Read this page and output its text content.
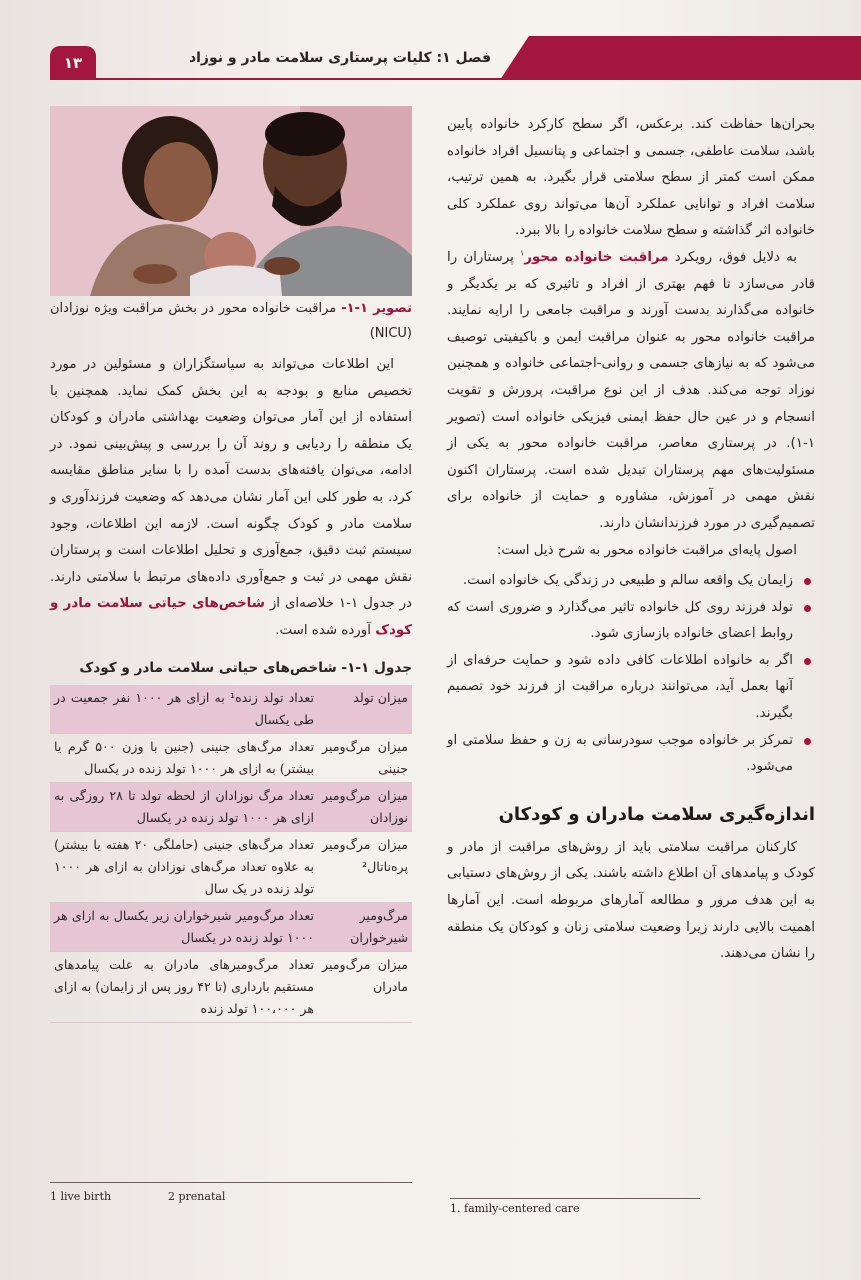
فصل ۱: کلیات پرستاری سلامت مادر و نوزاد
۱۳

بحران‌ها حفاظت کند. برعکس، اگر سطح کارکرد خانواده پایین باشد، سلامت عاطفی، جسمی و اجتماعی و پتانسیل افراد خانواده ممکن است کمتر از سطح سلامتی قرار بگیرد. به همین ترتیب، سلامت افراد و توانایی عملکرد آن‌ها می‌تواند روی عملکرد کلی خانواده اثر گذاشته و سطح سلامت خانواده را بالا ببرد.

به دلایل فوق، رویکرد مراقبت خانواده محور$^۱$ پرستاران را قادر می‌سازد تا فهم بهتری از افراد و تاثیری که بر یکدیگر و خانواده می‌گذارند بدست آورند و مراقبت جامعی را ارایه نمایند. مراقبت خانواده محور به عنوان مراقبت ایمن و باکیفیتی توصیف می‌شود که به نیازهای جسمی و روانی-اجتماعی خانواده و همچنین نوزاد توجه می‌کند. هدف از این نوع مراقبت، پرورش و تقویت انسجام و در عین حال حفظ ایمنی فیزیکی خانواده است (تصویر ۱-۱). در پرستاری معاصر، مراقبت خانواده محور به یکی از مسئولیت‌های مهم پرستاران تبدیل شده است. پرستاران اکنون نقش مهمی در آموزش، مشاوره و حمایت از خانواده برای تصمیم‌گیری در مورد فرزندانشان دارند.

اصول پایه‌ای مراقبت خانواده محور به شرح ذیل است:

زایمان یک واقعه سالم و طبیعی در زندگی یک خانواده است.
تولد فرزند روی کل خانواده تاثیر می‌گذارد و ضروری است که روابط اعضای خانواده بازسازی شود.
اگر به خانواده اطلاعات کافی داده شود و حمایت حرفه‌ای از آنها بعمل آید، می‌توانند درباره مراقبت از فرزند خود تصمیم بگیرند.
تمرکز بر خانواده موجب سودرسانی به زن و حفظ سلامتی او می‌شود.
اندازه‌گیری سلامت مادران و کودکان

کارکنان مراقبت سلامتی باید از روش‌های مراقبت از مادر و کودک و پیامدهای آن اطلاع داشته باشند. یکی از روش‌های دستیابی به این هدف مرور و مطالعه آمارهای مربوطه است. این آمارها اهمیت بالایی دارند زیرا وضعیت سلامتی زنان و کودکان یک منطقه را نشان می‌دهند.

تصویر ۱-۱- مراقبت خانواده محور در بخش مراقبت ویژه نوزادان (NICU)

این اطلاعات می‌تواند به سیاستگزاران و مسئولین در مورد تخصیص منابع و بودجه به این بخش کمک نماید. همچنین با استفاده از این آمار می‌توان وضعیت بهداشتی مادران و کودکان یک منطقه را ردیابی و روند آن را بررسی و پیش‌بینی نمود. در ادامه، می‌توان یافته‌های بدست آمده را با سایر مناطق مقایسه کرد. به طور کلی این آمار نشان می‌دهد که وضعیت فرزندآوری و سلامت مادر و کودک چگونه است. لازمه این اطلاعات، وجود سیستم ثبت دقیق، جمع‌آوری و تحلیل اطلاعات است و پرستاران نقش مهمی در ثبت و جمع‌آوری داده‌های مرتبط با سلامتی دارند. در جدول ۱-۱ خلاصه‌ای از شاخص‌های حیاتی سلامت مادر و کودک آورده شده است.

جدول ۱-۱- شاخص‌های حیاتی سلامت مادر و کودک
میزان تولد	تعداد تولد زنده¹ به ازای هر ۱۰۰۰ نفر جمعیت در طی یکسال
میزان مرگ‌ومیر جنینی	تعداد مرگ‌های جنینی (جنین با وزن ۵۰۰ گرم یا بیشتر) به ازای هر ۱۰۰۰ تولد زنده در یکسال
میزان مرگ‌ومیر نوزادان	تعداد مرگ نوزادان از لحظه تولد تا ۲۸ روزگی به ازای هر ۱۰۰۰ تولد زنده در یکسال
میزان مرگ‌ومیر پره‌ناتال²	تعداد مرگ‌های جنینی (حاملگی ۲۰ هفته یا بیشتر) به علاوه تعداد مرگ‌های نوزادان به ازای هر ۱۰۰۰ تولد زنده در یک سال
مرگ‌ومیر شیرخواران	تعداد مرگ‌ومیر شیرخواران زیر یکسال به ازای هر ۱۰۰۰ تولد زنده در یکسال
میزان مرگ‌ومیر مادران	تعداد مرگ‌ومیرهای مادران به علت پیامدهای مستقیم بارداری (تا ۴۲ روز پس از زایمان) به ازای هر ۱۰۰،۰۰۰ تولد زنده
1 live birth	2 prenatal
1. family-centered care
